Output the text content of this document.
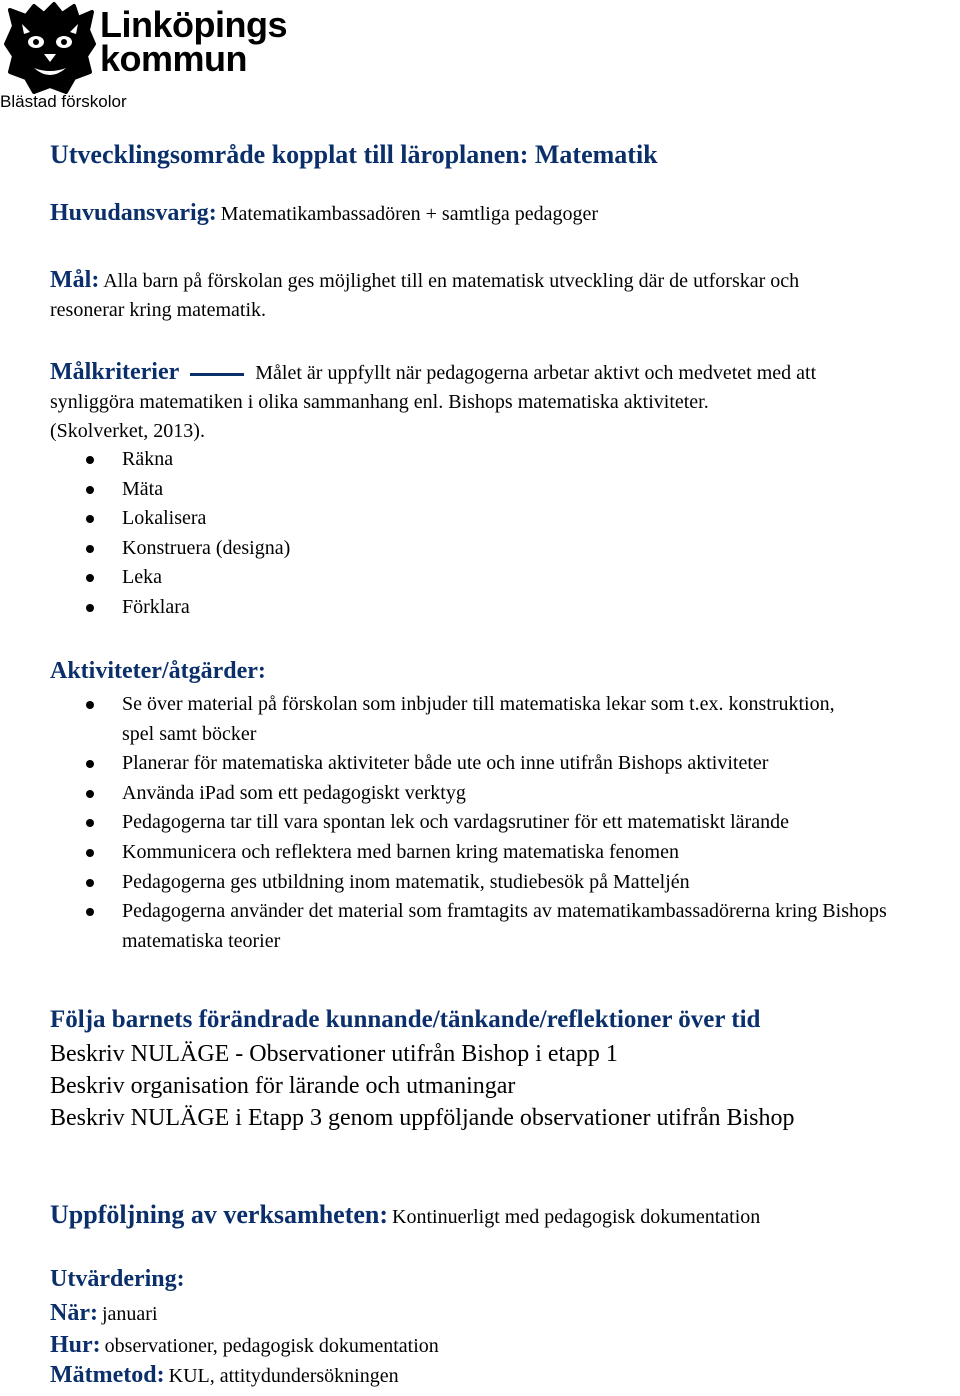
Linköpings
kommun
Blästad förskolor
Utvecklingsområde kopplat till läroplanen: Matematik
Huvudansvarig: Matematikambassadören + samtliga pedagoger
Mål: Alla barn på förskolan ges möjlighet till en matematisk utveckling där de utforskar och
resonerar kring matematik.
Målkriterier	Målet är uppfyllt när pedagogerna arbetar aktivt och medvetet med att
synliggöra matematiken i olika sammanhang enl. Bishops matematiska aktiviteter.
(Skolverket, 2013).
Räkna
Mäta
Lokalisera
Konstruera (designa)
Leka
Förklara
Aktiviteter/åtgärder:
Se över material på förskolan som inbjuder till matematiska lekar som t.ex. konstruktion, spel samt böcker
Planerar för matematiska aktiviteter både ute och inne utifrån Bishops aktiviteter
Använda iPad som ett pedagogiskt verktyg
Pedagogerna tar till vara spontan lek och vardagsrutiner för ett matematiskt lärande
Kommunicera och reflektera med barnen kring matematiska fenomen
Pedagogerna ges utbildning inom matematik, studiebesök på Matteljén
Pedagogerna använder det material som framtagits av matematikambassadörerna kring Bishops matematiska teorier
Följa barnets förändrade kunnande/tänkande/reflektioner över tid
Beskriv NULÄGE - Observationer utifrån Bishop i etapp 1
Beskriv organisation för lärande och utmaningar
Beskriv NULÄGE i Etapp 3 genom uppföljande observationer utifrån Bishop
Uppföljning av verksamheten: Kontinuerligt med pedagogisk dokumentation
Utvärdering:
När: januari
Hur: observationer, pedagogisk dokumentation
Mätmetod: KUL, attitydundersökningen
